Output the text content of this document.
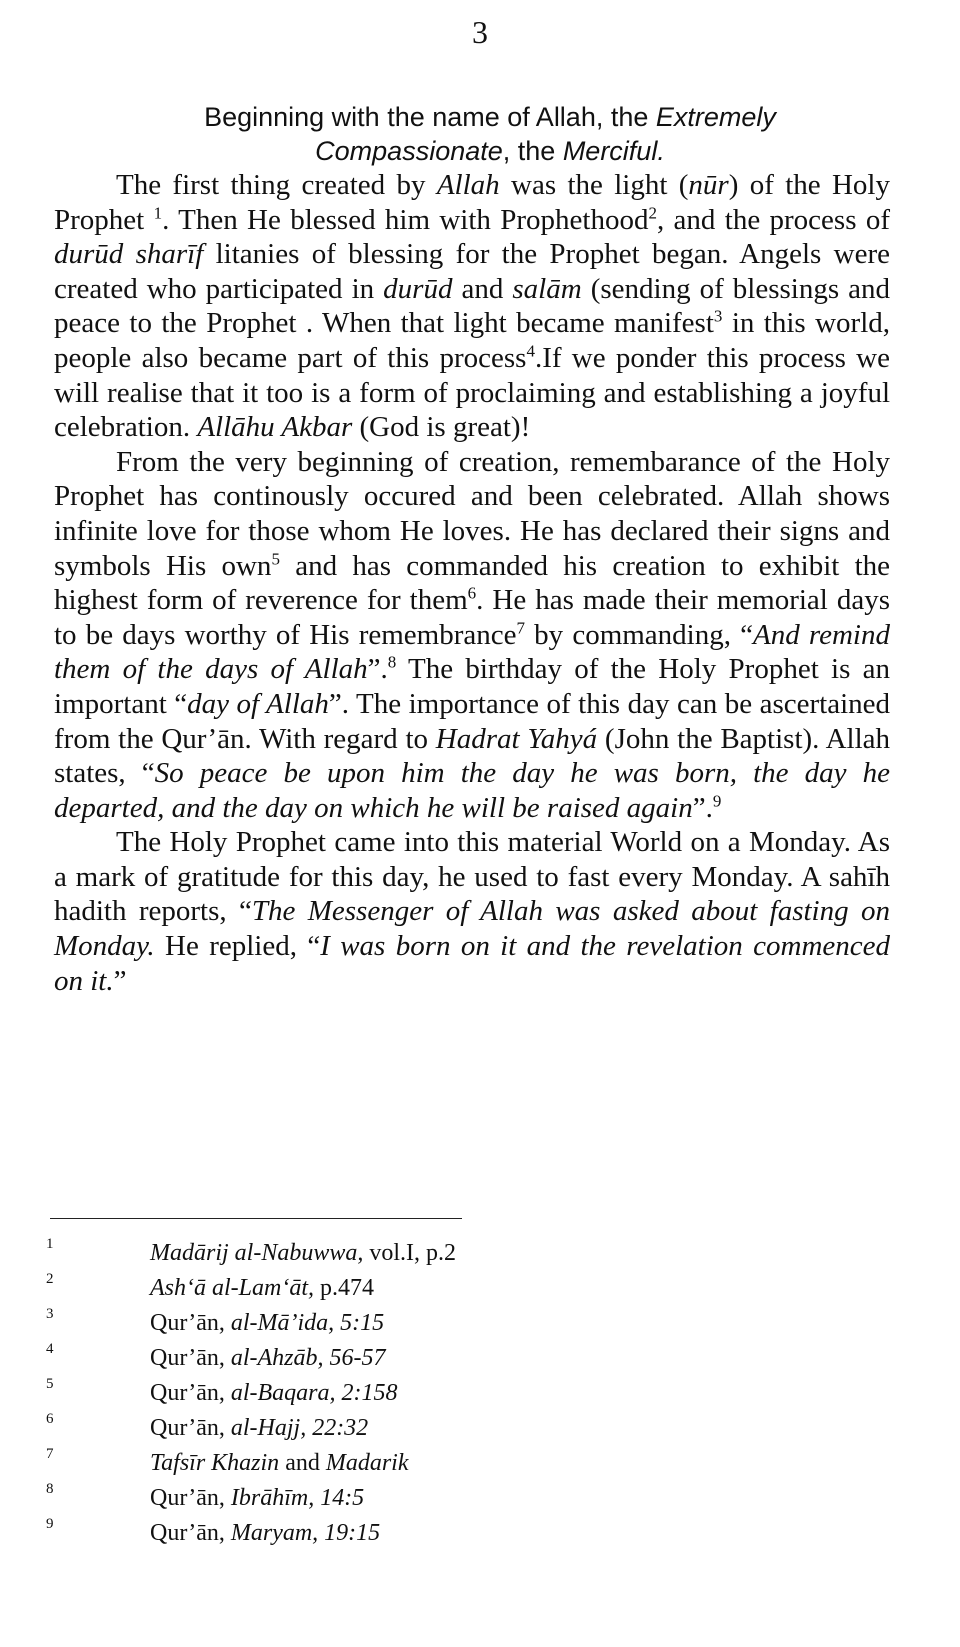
3
Beginning with the name of Allah, the Extremely
Compassionate, the Merciful.

The first thing created by Allah was the light (nūr) of the Holy Prophet $^1$. Then He blessed him with Prophethood$^2$, and the process of durūd sharīf litanies of blessing for the Prophet began. Angels were created who participated in durūd and salām (sending of blessings and peace to the Prophet . When that light became manifest$^3$ in this world, people also became part of this process$^4$.If we ponder this process we will realise that it too is a form of proclaiming and establishing a joyful celebration. Allāhu Akbar (God is great)!

From the very beginning of creation, remembarance of the Holy Prophet has continously occured and been celebrated. Allah shows infinite love for those whom He loves. He has declared their signs and symbols His own$^5$ and has commanded his creation to exhibit the highest form of reverence for them$^6$. He has made their memorial days to be days worthy of His remembrance$^7$ by commanding, “And remind them of the days of Allah”.$^8$ The birthday of the Holy Prophet is an important “day of Allah”. The importance of this day can be ascertained from the Qur’ān. With regard to Hadrat Yahyá (John the Baptist). Allah states, “So peace be upon him the day he was born, the day he departed, and the day on which he will be raised again”.$^9$

The Holy Prophet came into this material World on a Monday. As a mark of gratitude for this day, he used to fast every Monday. A sahīh hadith reports, “The Messenger of Allah was asked about fasting on Monday. He replied, “I was born on it and the revelation commenced on it.”

1	Madārij al-Nabuwwa, vol.I, p.2
2	Ash‘ā al-Lam‘āt, p.474
3	Qur’ān, al-Mā’ida, 5:15
4	Qur’ān, al-Ahzāb, 56-57
5	Qur’ān, al-Baqara, 2:158
6	Qur’ān, al-Hajj, 22:32
7	Tafsīr Khazin and Madarik
8	Qur’ān, Ibrāhīm, 14:5
9	Qur’ān, Maryam, 19:15
